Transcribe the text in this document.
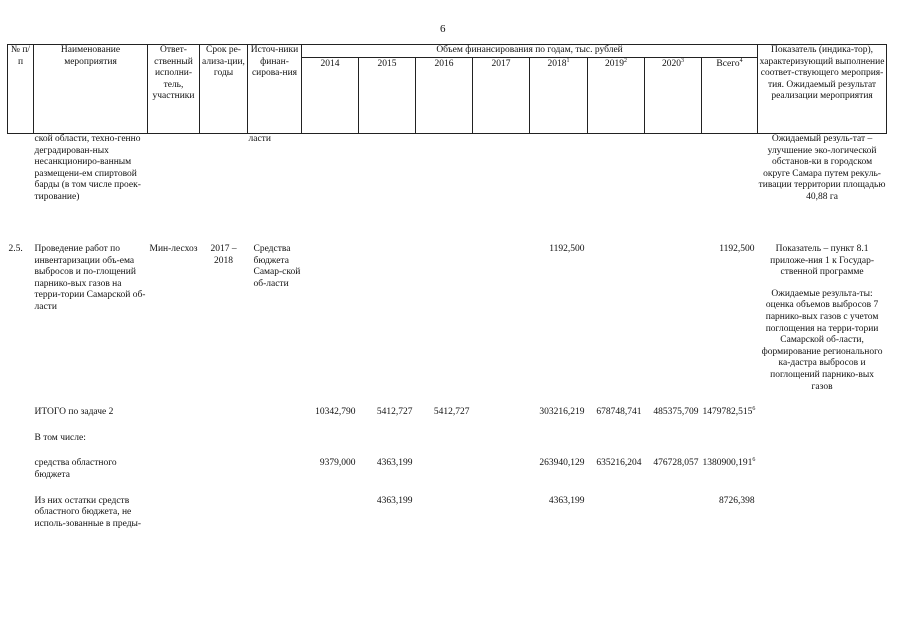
6
№ п/п	Наименование мероприятия	Ответ-ственный исполни-тель, участники	Срок ре-ализа-ции, годы	Источ-ники финан-сирова-ния	Объем финансирования по годам, тыс. рублей								Показатель (индика-тор), характеризующий выполнение соответ-ствующего мероприя-тия. Ожидаемый результат реализации мероприятия
					2014	2015	2016	2017	2018$^1$	2019$^2$	2020$^3$	Всего$^4$
	ской области, техно-генно деградирован-ных несанкциониро-ванным размещени-ем спиртовой барды (в том числе проек-тирование)			ласти									Ожидаемый резуль-тат – улучшение эко-логической обстанов-ки в городском округе Самара путем рекуль-тивации территории площадью 40,88 га
2.5.	Проведение работ по инвентаризации объ-ема выбросов и по-глощений парнико-вых газов на терри-тории Самарской об-ласти	Мин-лесхоз	2017 – 2018	Средства бюджета Самар-ской об-ласти					1192,500			1192,500	Показатель – пункт 8.1 приложе-ния 1 к Государ-ственной программе
Ожидаемые результа-ты: оценка объемов выбросов 7 парнико-вых газов с учетом поглощения на терри-тории Самарской об-ласти, формирование регионального ка-дастра выбросов и поглощений парнико-вых газов

	ИТОГО по задаче 2				10342,790	5412,727	5412,727		303216,219	678748,741	485375,709	1479782,515$^6$	
	В том числе:												
	средства областного бюджета				9379,000	4363,199			263940,129	635216,204	476728,057	1380900,191$^6$	
	Из них остатки средств областного бюджета, не исполь-зованные в преды-					4363,199			4363,199			8726,398	
